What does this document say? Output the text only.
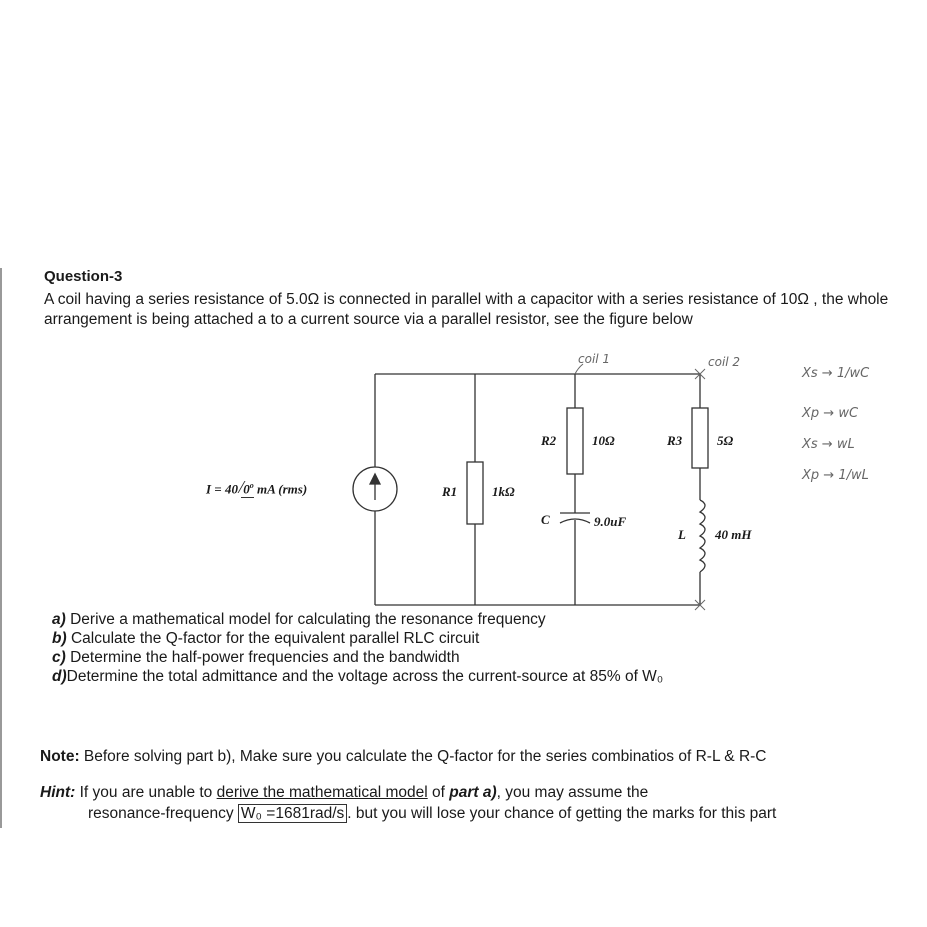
Question-3
A coil having a series resistance of 5.0Ω is connected in parallel with a capacitor with a series resistance of 10Ω , the whole arrangement is being attached a to a current source via a parallel resistor, see the figure below
I = 40 0$^o$ mA (rms)	R1	1kΩ
R2	10Ω
C	9.0uF
R3	5Ω
L 40 mH
coil 1	coil 2
Xs → 1/wC
Xp → wC
Xs → wL
Xp → 1/wL
a) Derive a mathematical model for calculating the resonance frequency
b) Calculate the Q-factor for the equivalent parallel RLC circuit
c) Determine the half-power frequencies and the bandwidth
d)Determine the total admittance and the voltage across the current-source at 85% of W₀
Note: Before solving part b), Make sure you calculate the Q-factor for the series combinatios of R-L & R-C
Hint: If you are unable to derive the mathematical model of part a), you may assume the
resonance-frequency W₀ =1681rad/s . but you will lose your chance of getting the marks for this part
